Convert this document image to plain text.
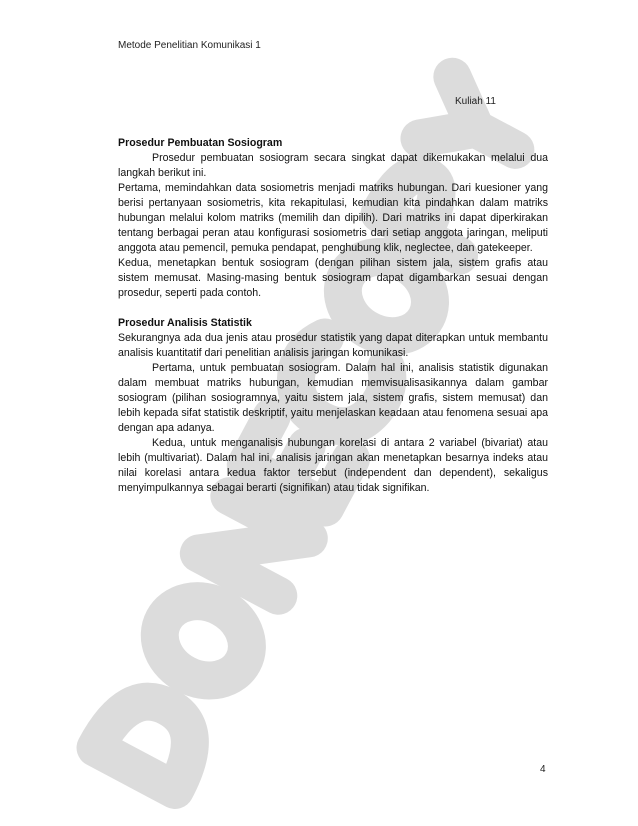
Metode Penelitian Komunikasi 1
Kuliah 11
Prosedur Pembuatan Sosiogram

Prosedur pembuatan sosiogram secara singkat dapat dikemukakan melalui dua langkah berikut ini.

Pertama, memindahkan data sosiometris menjadi matriks hubungan. Dari kuesioner yang berisi pertanyaan sosiometris, kita rekapitulasi, kemudian kita pindahkan dalam matriks hubungan melalui kolom matriks (memilih dan dipilih). Dari matriks ini dapat diperkirakan tentang berbagai peran atau konfigurasi sosiometris dari setiap anggota jaringan, meliputi anggota atau pemencil, pemuka pendapat, penghubung klik, neglectee, dan gatekeeper.

Kedua, menetapkan bentuk sosiogram (dengan pilihan sistem jala, sistem grafis atau sistem memusat. Masing-masing bentuk sosiogram dapat digambarkan sesuai dengan prosedur, seperti pada contoh.

Prosedur Analisis Statistik

Sekurangnya ada dua jenis atau prosedur statistik yang dapat diterapkan untuk membantu analisis kuantitatif dari penelitian analisis jaringan komunikasi.

Pertama, untuk pembuatan sosiogram. Dalam hal ini, analisis statistik digunakan dalam membuat matriks hubungan, kemudian memvisualisasikannya dalam gambar sosiogram (pilihan sosiogramnya, yaitu sistem jala, sistem grafis, sistem memusat) dan lebih kepada sifat statistik deskriptif, yaitu menjelaskan keadaan atau fenomena sesuai apa dengan apa adanya.

Kedua, untuk menganalisis hubungan korelasi di antara 2 variabel (bivariat) atau lebih (multivariat). Dalam hal ini, analisis jaringan akan menetapkan besarnya indeks atau nilai korelasi antara kedua faktor tersebut (independent dan dependent), sekaligus menyimpulkannya sebagai berarti (signifikan) atau tidak signifikan.

4
